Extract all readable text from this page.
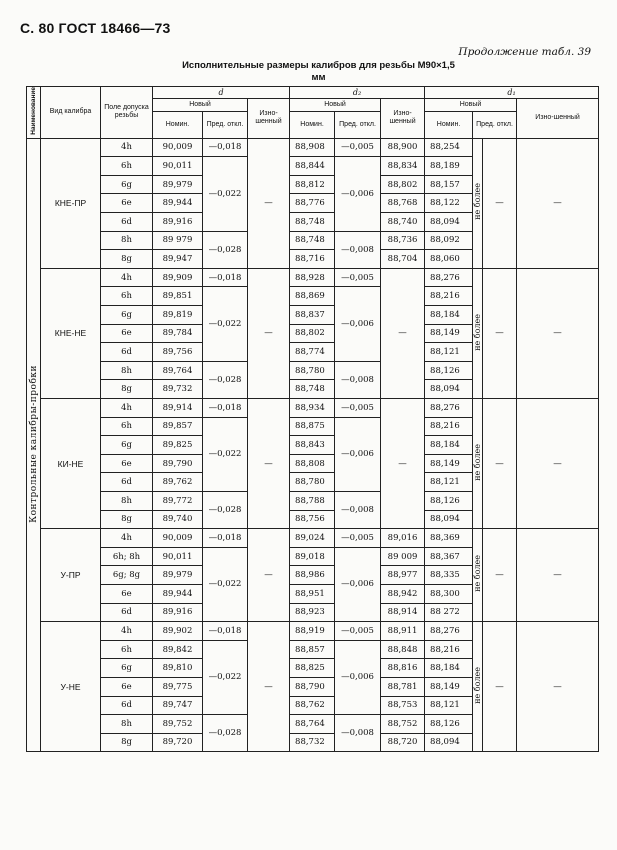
С. 80 ГОСТ 18466—73
Продолжение табл. 39
Исполнительные размеры калибров для резьбы М90×1,5
мм
Наименование	Вид калибра	Поле допуска резьбы	d			d₂			d₁			
			Новый		Изно-шенный	Новый		Изно-шенный	Новый			Изно-шенный
			Номин.	Пред. откл.		Номин.	Пред. откл.		Номин.	Пред. откл.		
Контрольные калибры-пробки	КНЕ-ПР	4h	90,009	—0,018	—	88,908	—0,005	88,900	88,254	не более	—	—
		6h	90,011	—0,022		88,844	—0,006	88,834	88,189			
		6g	89,979			88,812		88,802	88,157			
		6e	89,944			88,776		88,768	88,122			
		6d	89,916			88,748		88,740	88,094			
		8h	89 979	—0,028		88,748	—0,008	88,736	88,092			
		8g	89,947			88,716		88,704	88,060			
	КНЕ-НЕ	4h	89,909	—0,018	—	88,928	—0,005	—	88,276	не более	—	—
		6h	89,851	—0,022		88,869	—0,006		88,216			
		6g	89,819			88,837			88,184			
		6e	89,784			88,802			88,149			
		6d	89,756			88,774			88,121			
		8h	89,764	—0,028		88,780	—0,008		88,126			
		8g	89,732			88,748			88,094			
	КИ-НЕ	4h	89,914	—0,018	—	88,934	—0,005	—	88,276	не более	—	—
		6h	89,857	—0,022		88,875	—0,006		88,216			
		6g	89,825			88,843			88,184			
		6e	89,790			88,808			88,149			
		6d	89,762			88,780			88,121			
		8h	89,772	—0,028		88,788	—0,008		88,126			
		8g	89,740			88,756			88,094			
	У-ПР	4h	90,009	—0,018	—	89,024	—0,005	89,016	88,369	не более	—	—
		6h; 8h	90,011	—0,022		89,018	—0,006	89 009	88,367			
		6g; 8g	89,979			88,986		88,977	88,335			
		6e	89,944			88,951		88,942	88,300			
		6d	89,916			88,923		88,914	88 272			
	У-НЕ	4h	89,902	—0,018	—	88,919	—0,005	88,911	88,276	не более	—	—
		6h	89,842	—0,022		88,857	—0,006	88,848	88,216			
		6g	89,810			88,825		88,816	88,184			
		6e	89,775			88,790		88,781	88,149			
		6d	89,747			88,762		88,753	88,121			
		8h	89,752	—0,028		88,764	—0,008	88,752	88,126			
		8g	89,720			88,732		88,720	88,094			
